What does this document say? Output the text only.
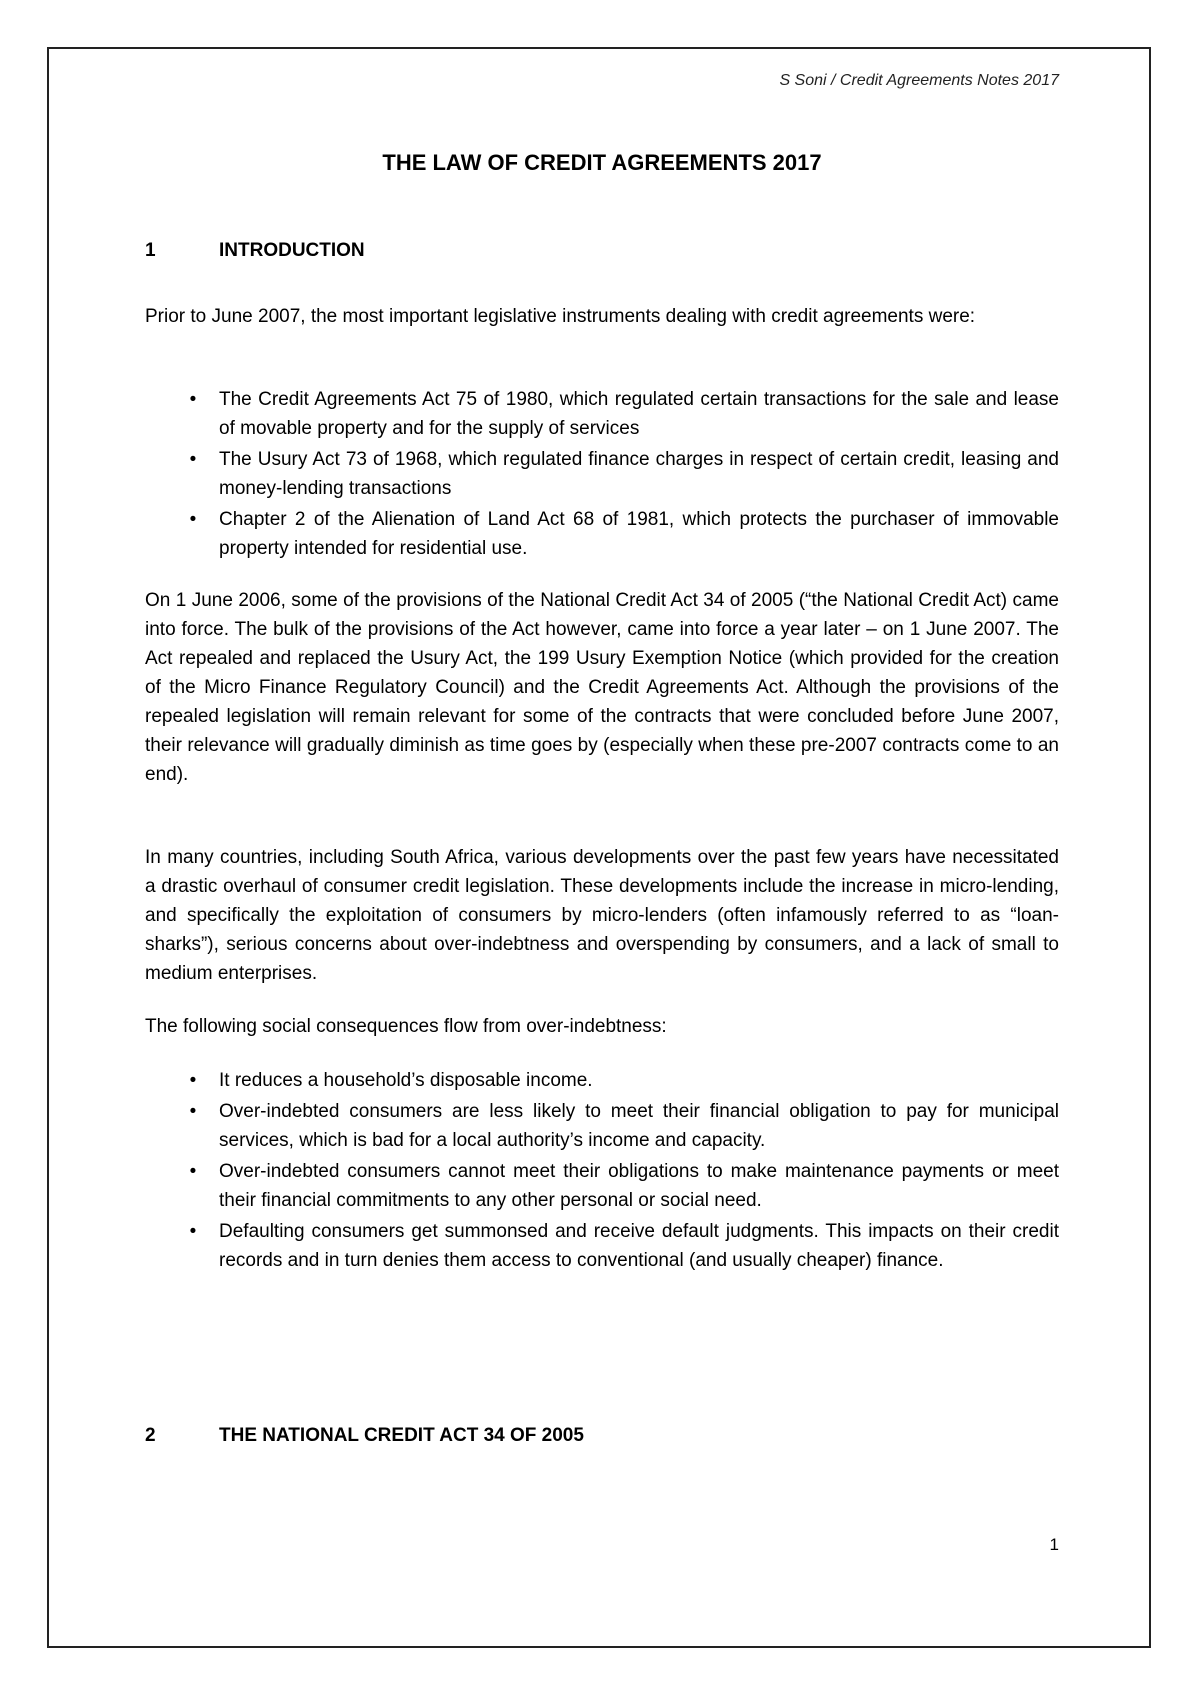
S Soni / Credit Agreements Notes 2017
THE LAW OF CREDIT AGREEMENTS 2017
1	INTRODUCTION
Prior to June 2007, the most important legislative instruments dealing with credit agreements were:
•	The Credit Agreements Act 75 of 1980, which regulated certain transactions for the sale and lease of movable property and for the supply of services
•	The Usury Act 73 of 1968, which regulated finance charges in respect of certain credit, leasing and money-lending transactions
•	Chapter 2 of the Alienation of Land Act 68 of 1981, which protects the purchaser of immovable property intended for residential use.
On 1 June 2006, some of the provisions of the National Credit Act 34 of 2005 (“the National Credit Act) came into force. The bulk of the provisions of the Act however, came into force a year later – on 1 June 2007. The Act repealed and replaced the Usury Act, the 199 Usury Exemption Notice (which provided for the creation of the Micro Finance Regulatory Council) and the Credit Agreements Act. Although the provisions of the repealed legislation will remain relevant for some of the contracts that were concluded before June 2007, their relevance will gradually diminish as time goes by (especially when these pre-2007 contracts come to an end).
In many countries, including South Africa, various developments over the past few years have necessitated a drastic overhaul of consumer credit legislation. These developments include the increase in micro-lending, and specifically the exploitation of consumers by micro-lenders (often infamously referred to as “loan-sharks”), serious concerns about over-indebtness and overspending by consumers, and a lack of small to medium enterprises.
The following social consequences flow from over-indebtness:
•	It reduces a household’s disposable income.
•	Over-indebted consumers are less likely to meet their financial obligation to pay for municipal services, which is bad for a local authority’s income and capacity.
•	Over-indebted consumers cannot meet their obligations to make maintenance payments or meet their financial commitments to any other personal or social need.
•	Defaulting consumers get summonsed and receive default judgments. This impacts on their credit records and in turn denies them access to conventional (and usually cheaper) finance.
2	THE NATIONAL CREDIT ACT 34 OF 2005
1
